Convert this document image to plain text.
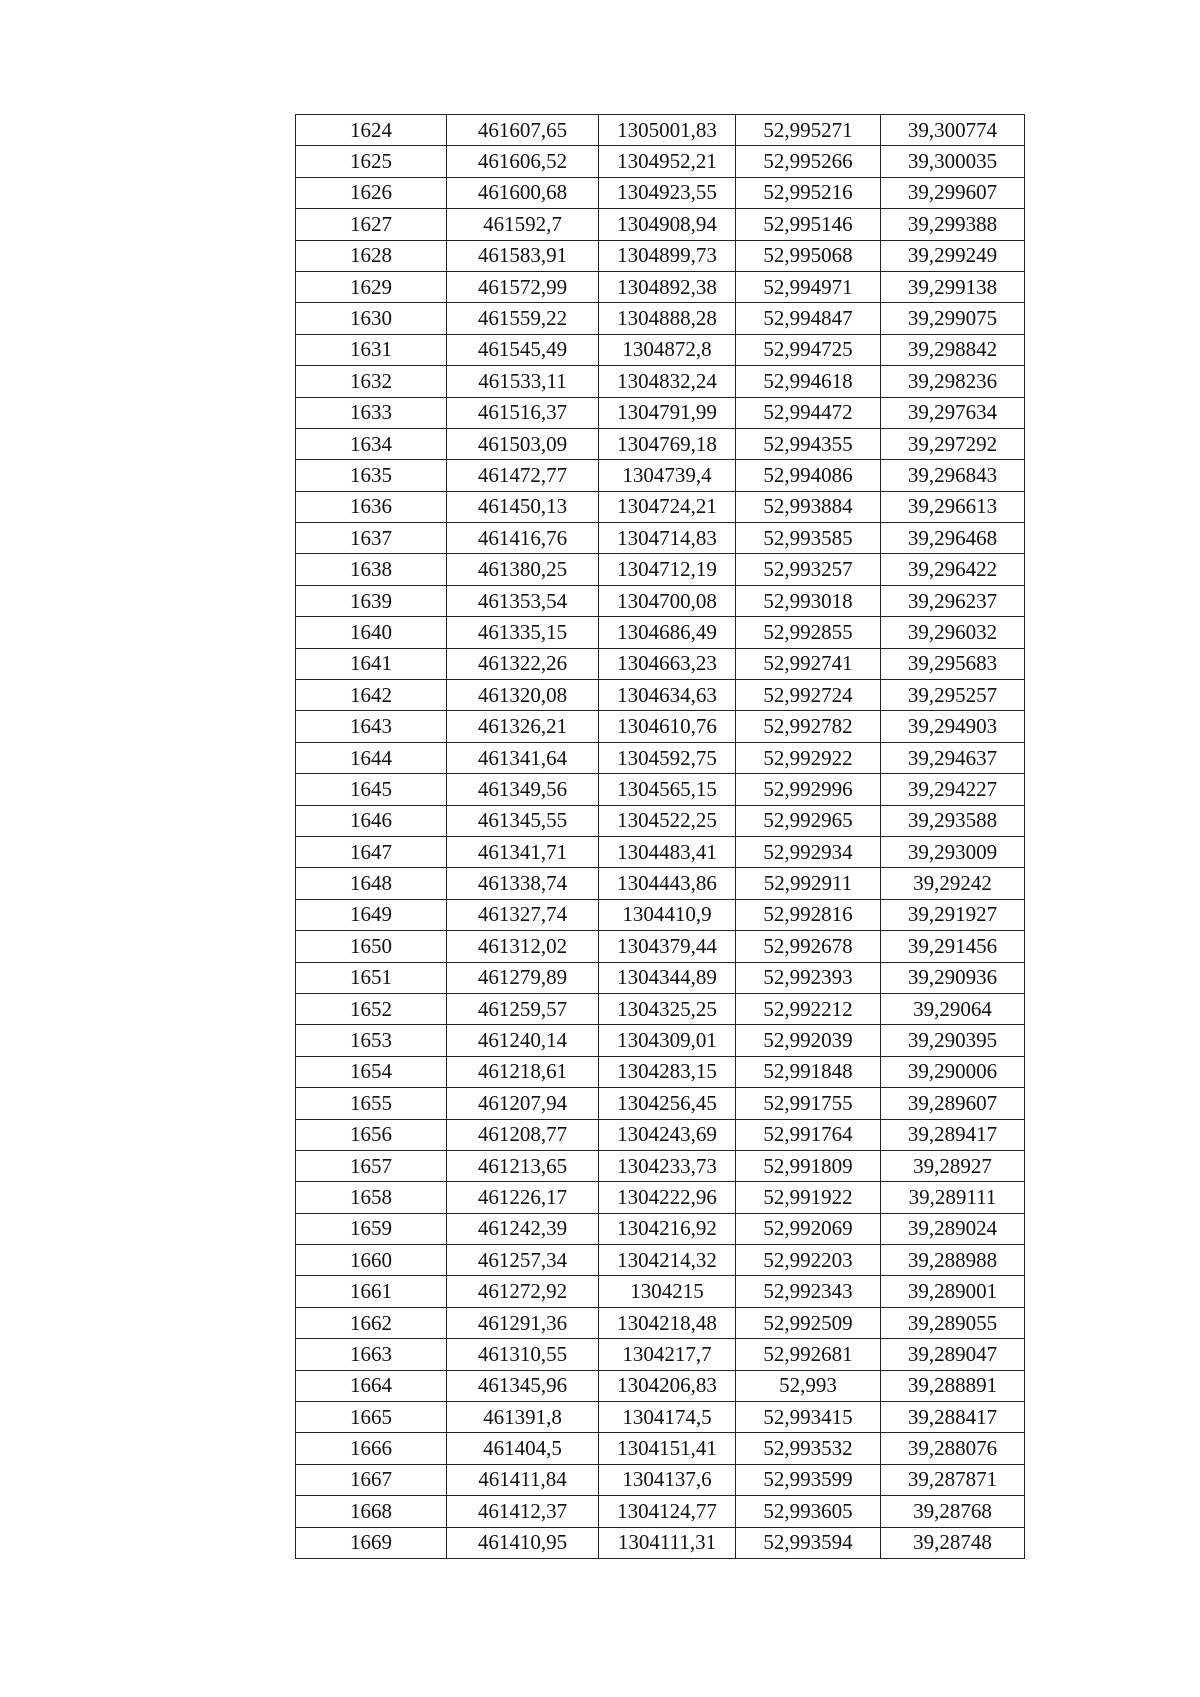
1624	461607,65	1305001,83	52,995271	39,300774
1625	461606,52	1304952,21	52,995266	39,300035
1626	461600,68	1304923,55	52,995216	39,299607
1627	461592,7	1304908,94	52,995146	39,299388
1628	461583,91	1304899,73	52,995068	39,299249
1629	461572,99	1304892,38	52,994971	39,299138
1630	461559,22	1304888,28	52,994847	39,299075
1631	461545,49	1304872,8	52,994725	39,298842
1632	461533,11	1304832,24	52,994618	39,298236
1633	461516,37	1304791,99	52,994472	39,297634
1634	461503,09	1304769,18	52,994355	39,297292
1635	461472,77	1304739,4	52,994086	39,296843
1636	461450,13	1304724,21	52,993884	39,296613
1637	461416,76	1304714,83	52,993585	39,296468
1638	461380,25	1304712,19	52,993257	39,296422
1639	461353,54	1304700,08	52,993018	39,296237
1640	461335,15	1304686,49	52,992855	39,296032
1641	461322,26	1304663,23	52,992741	39,295683
1642	461320,08	1304634,63	52,992724	39,295257
1643	461326,21	1304610,76	52,992782	39,294903
1644	461341,64	1304592,75	52,992922	39,294637
1645	461349,56	1304565,15	52,992996	39,294227
1646	461345,55	1304522,25	52,992965	39,293588
1647	461341,71	1304483,41	52,992934	39,293009
1648	461338,74	1304443,86	52,992911	39,29242
1649	461327,74	1304410,9	52,992816	39,291927
1650	461312,02	1304379,44	52,992678	39,291456
1651	461279,89	1304344,89	52,992393	39,290936
1652	461259,57	1304325,25	52,992212	39,29064
1653	461240,14	1304309,01	52,992039	39,290395
1654	461218,61	1304283,15	52,991848	39,290006
1655	461207,94	1304256,45	52,991755	39,289607
1656	461208,77	1304243,69	52,991764	39,289417
1657	461213,65	1304233,73	52,991809	39,28927
1658	461226,17	1304222,96	52,991922	39,289111
1659	461242,39	1304216,92	52,992069	39,289024
1660	461257,34	1304214,32	52,992203	39,288988
1661	461272,92	1304215	52,992343	39,289001
1662	461291,36	1304218,48	52,992509	39,289055
1663	461310,55	1304217,7	52,992681	39,289047
1664	461345,96	1304206,83	52,993	39,288891
1665	461391,8	1304174,5	52,993415	39,288417
1666	461404,5	1304151,41	52,993532	39,288076
1667	461411,84	1304137,6	52,993599	39,287871
1668	461412,37	1304124,77	52,993605	39,28768
1669	461410,95	1304111,31	52,993594	39,28748
